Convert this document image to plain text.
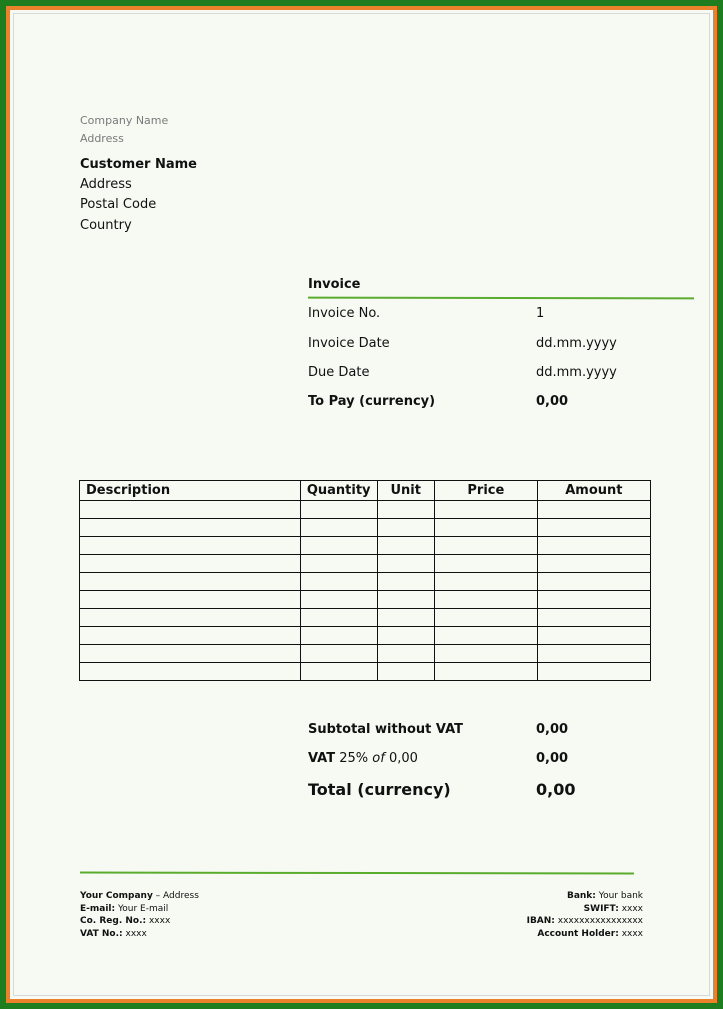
Company Name
Address
Customer Name
Address
Postal Code
Country
Invoice
Invoice No.	1
Invoice Date	dd.mm.yyyy
Due Date	dd.mm.yyyy
To Pay (currency)	0,00
Description	Quantity	Unit	Price	Amount

Subtotal without VAT	0,00
VAT 25% of 0,00	0,00
Total (currency)	0,00
Your Company – Address
E-mail: Your E-mail
Co. Reg. No.: xxxx
VAT No.: xxxx
Bank: Your bank
SWIFT: xxxx
IBAN: xxxxxxxxxxxxxxxx
Account Holder: xxxx
